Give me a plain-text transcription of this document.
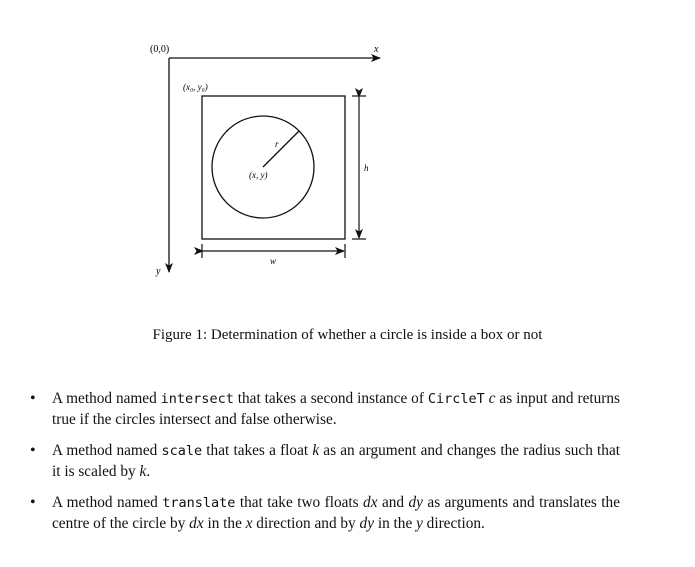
(0,0)	x
y
(x₀, y₀)
r
(x, y)
h
w
Figure 1: Determination of whether a circle is inside a box or not
• A method named intersect that takes a second instance of CircleT c as input and returns true if the circles intersect and false otherwise.
• A method named scale that takes a float k as an argument and changes the radius such that it is scaled by k.
• A method named translate that take two floats dx and dy as arguments and translates the centre of the circle by dx in the x direction and by dy in the y direction.
